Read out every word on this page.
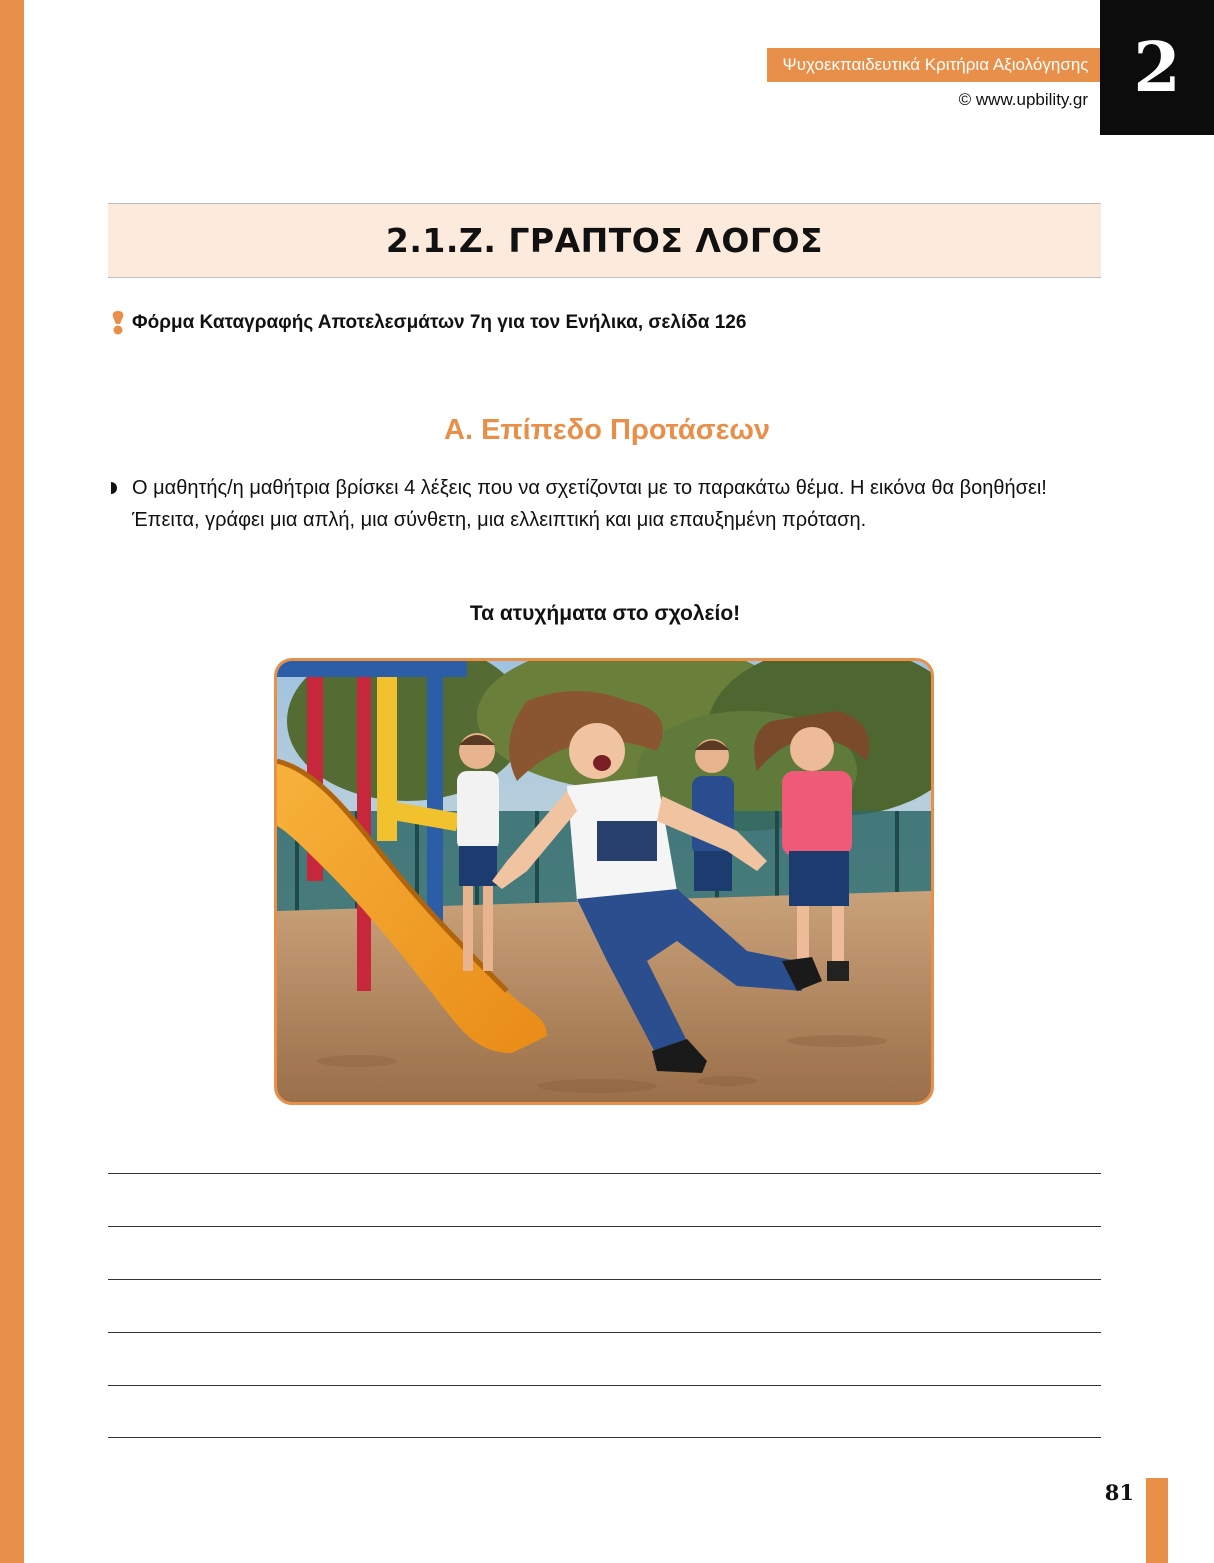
Ψυχοεκπαιδευτικά Κριτήρια Αξιολόγησης
© www.upbility.gr 2
2.1.Ζ. ΓΡΑΠΤΟΣ ΛΟΓΟΣ
Φόρμα Καταγραφής Αποτελεσμάτων 7η για τον Ενήλικα, σελίδα 126
Α. Επίπεδο Προτάσεων
Ο μαθητής/η μαθήτρια βρίσκει 4 λέξεις που να σχετίζονται με το παρακάτω θέμα. Η εικόνα θα βοηθήσει! Έπειτα, γράφει μια απλή, μια σύνθετη, μια ελλειπτική και μια επαυξημένη πρόταση.
Τα ατυχήματα στο σχολείο!
81
